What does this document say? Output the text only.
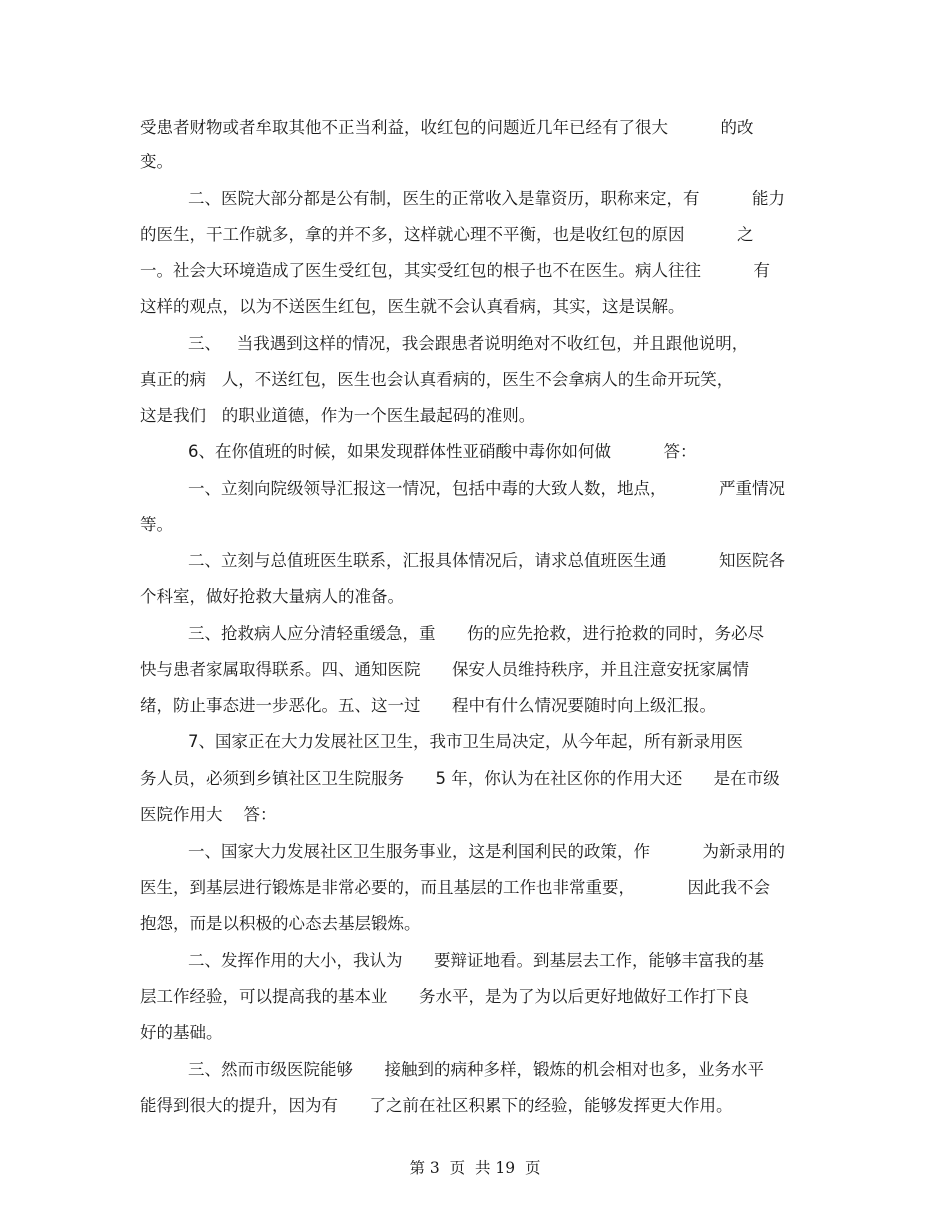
受患者财物或者牟取其他不正当利益，收红包的问题近几年已经有了很大          的改
变。
二、医院大部分都是公有制，医生的正常收入是靠资历，职称来定，有          能力
的医生，干工作就多，拿的并不多，这样就心理不平衡，也是收红包的原因          之
一。社会大环境造成了医生受红包，其实受红包的根子也不在医生。病人往往          有
这样的观点，以为不送医生红包，医生就不会认真看病，其实，这是误解。
三、   当我遇到这样的情况，我会跟患者说明绝对不收红包，并且跟他说明，
真正的病   人，不送红包，医生也会认真看病的，医生不会拿病人的生命开玩笑，
这是我们   的职业道德，作为一个医生最起码的准则。
6、在你值班的时候，如果发现群体性亚硝酸中毒你如何做          答：
一、立刻向院级领导汇报这一情况，包括中毒的大致人数，地点，          严重情况
等。
二、立刻与总值班医生联系，汇报具体情况后，请求总值班医生通          知医院各
个科室，做好抢救大量病人的准备。
三、抢救病人应分清轻重缓急，重      伤的应先抢救，进行抢救的同时，务必尽
快与患者家属取得联系。四、通知医院      保安人员维持秩序，并且注意安抚家属情
绪，防止事态进一步恶化。五、这一过      程中有什么情况要随时向上级汇报。
7、国家正在大力发展社区卫生，我市卫生局决定，从今年起，所有新录用医
务人员，必须到乡镇社区卫生院服务      5 年，你认为在社区你的作用大还      是在市级
医院作用大    答：
一、国家大力发展社区卫生服务事业，这是利国利民的政策，作          为新录用的
医生，到基层进行锻炼是非常必要的，而且基层的工作也非常重要，          因此我不会
抱怨，而是以积极的心态去基层锻炼。
二、发挥作用的大小，我认为      要辩证地看。到基层去工作，能够丰富我的基
层工作经验，可以提高我的基本业      务水平，是为了为以后更好地做好工作打下良
好的基础。
三、然而市级医院能够      接触到的病种多样，锻炼的机会相对也多，业务水平
能得到很大的提升，因为有      了之前在社区积累下的经验，能够发挥更大作用。
第 3  页  共 19  页
